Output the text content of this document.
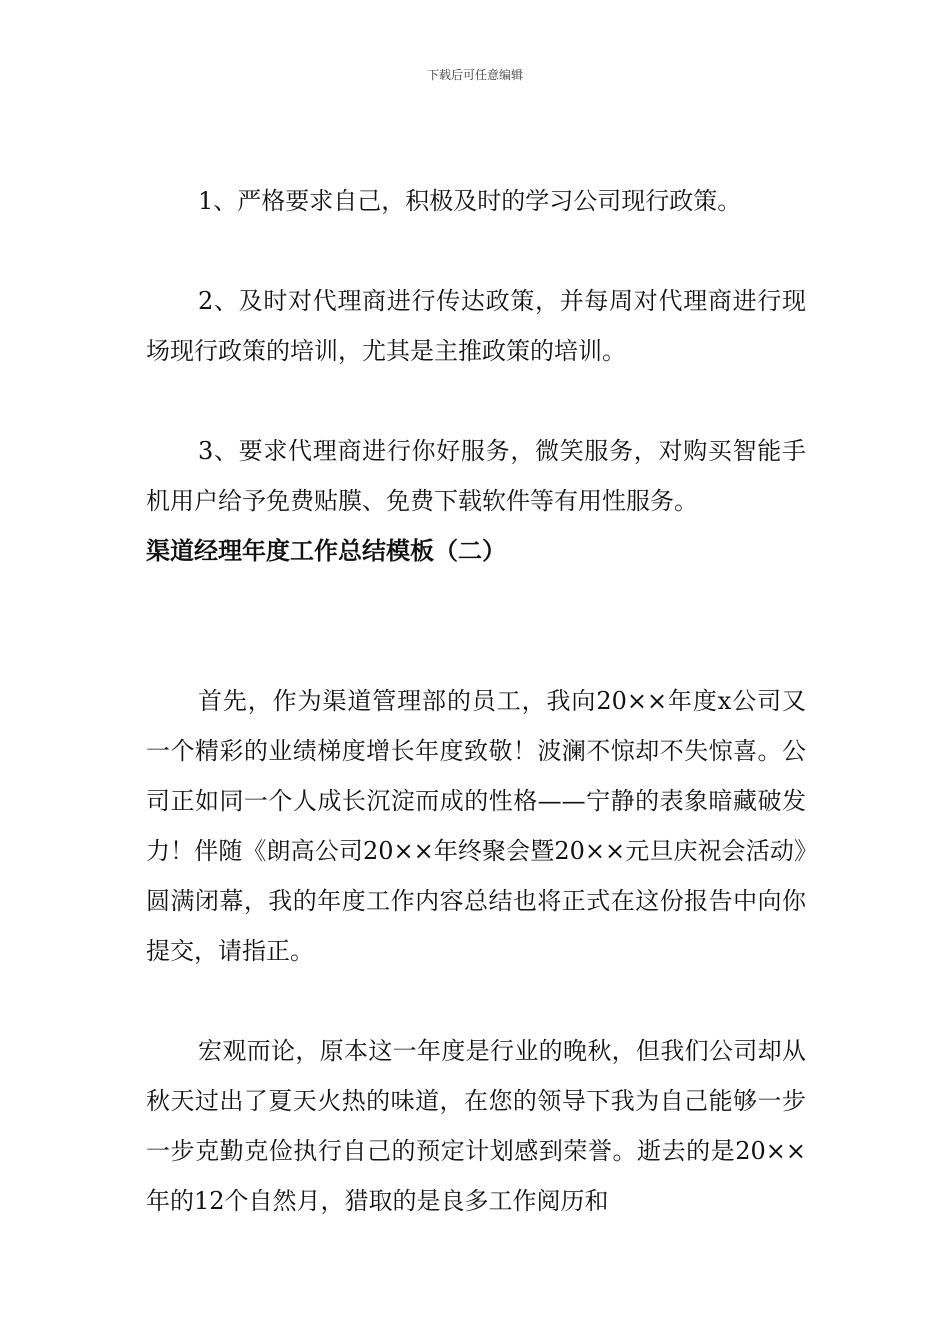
下载后可任意编辑

1、严格要求自己，积极及时的学习公司现行政策。

2、及时对代理商进行传达政策，并每周对代理商进行现场现行政策的培训，尤其是主推政策的培训。

3、要求代理商进行你好服务，微笑服务，对购买智能手机用户给予免费贴膜、免费下载软件等有用性服务。

渠道经理年度工作总结模板（二）

首先，作为渠道管理部的员工，我向20××年度x公司又一个精彩的业绩梯度增长年度致敬！波澜不惊却不失惊喜。公司正如同一个人成长沉淀而成的性格——宁静的表象暗藏破发力！伴随《朗高公司20××年终聚会暨20××元旦庆祝会活动》圆满闭幕，我的年度工作内容总结也将正式在这份报告中向你提交，请指正。

宏观而论，原本这一年度是行业的晚秋，但我们公司却从秋天过出了夏天火热的味道，在您的领导下我为自己能够一步一步克勤克俭执行自己的预定计划感到荣誉。逝去的是20××年的12个自然月，猎取的是良多工作阅历和
